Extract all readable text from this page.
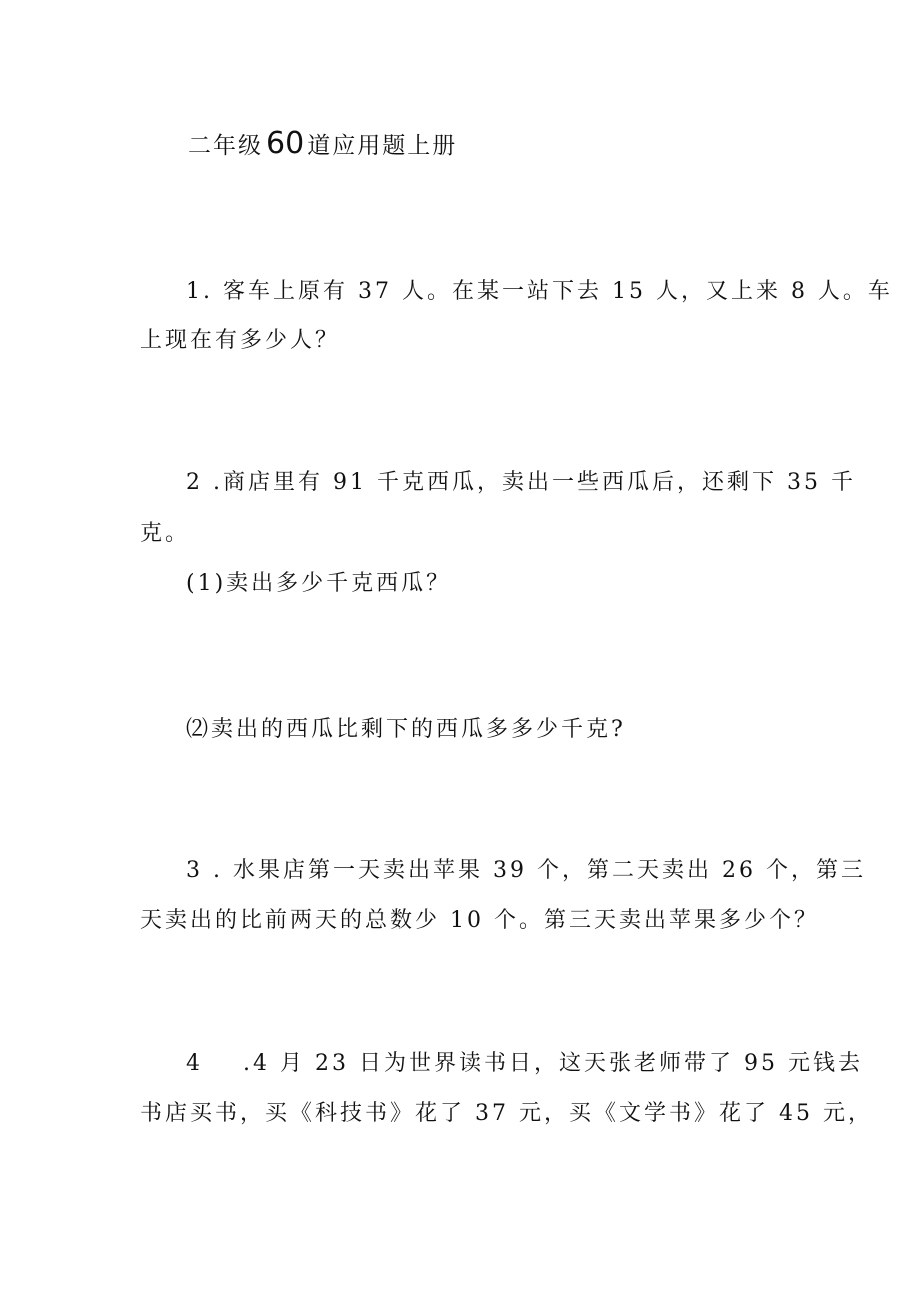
二年级 60 道应用题上册
1. 客车上原有 37 人。在某一站下去 15 人，又上来 8 人。车
上现在有多少人？
2 .商店里有 91 千克西瓜，卖出一些西瓜后，还剩下 35 千
克。
(1)卖出多少千克西瓜？
⑵卖出的西瓜比剩下的西瓜多多少千克?
3 . 水果店第一天卖出苹果 39 个，第二天卖出 26 个，第三
天卖出的比前两天的总数少 10 个。第三天卖出苹果多少个？
4 .4 月 23 日为世界读书日，这天张老师带了 95 元钱去
书店买书，买《科技书》花了 37 元，买《文学书》花了 45 元，
